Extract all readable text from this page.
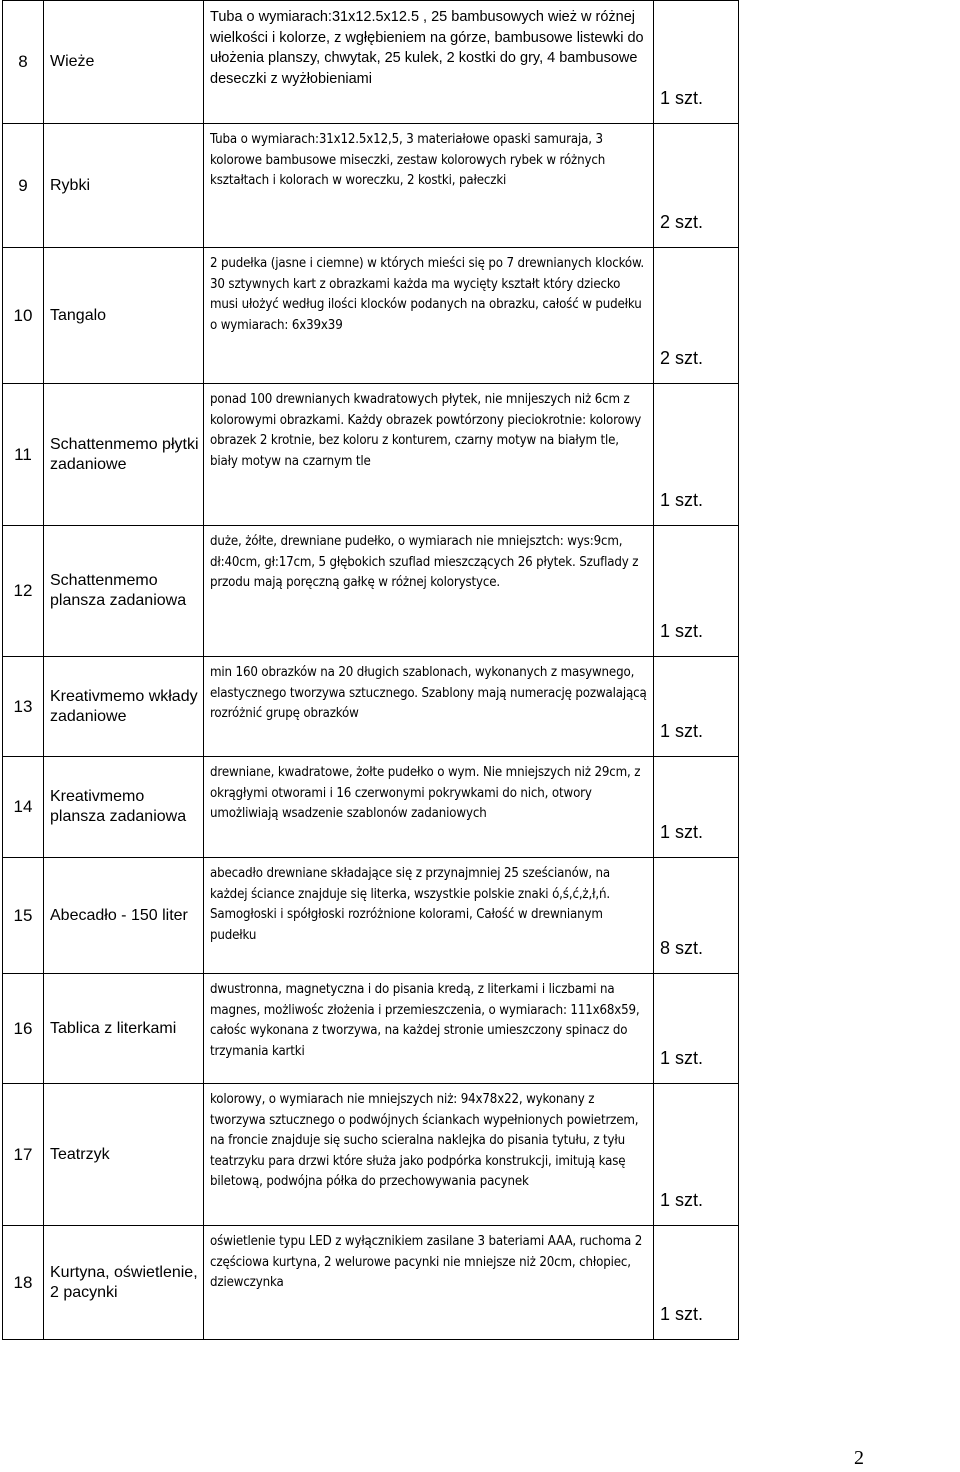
8	Wieże	Tuba o wymiarach:31x12.5x12.5 , 25 bambusowych wież w różnej wielkości i kolorze, z wgłębieniem na górze, bambusowe listewki do ułożenia planszy, chwytak, 25 kulek, 2 kostki do gry, 4 bambusowe deseczki z wyżłobieniami	1 szt.
9	Rybki	Tuba o wymiarach:31x12.5x12,5, 3 materiałowe opaski samuraja, 3 kolorowe bambusowe miseczki, zestaw kolorowych rybek w różnych kształtach i kolorach w woreczku, 2 kostki, pałeczki	2 szt.
10	Tangalo	2 pudełka (jasne i ciemne) w których mieści się po 7 drewnianych klocków. 30 sztywnych kart z obrazkami każda ma wycięty kształt który dziecko musi ułożyć według ilości klocków podanych na obrazku, całość w pudełku o wymiarach: 6x39x39	2 szt.
11	Schattenmemo płytki zadaniowe	ponad 100 drewnianych kwadratowych płytek, nie mnijeszych niż 6cm z kolorowymi obrazkami. Każdy obrazek powtórzony pieciokrotnie: kolorowy obrazek 2 krotnie, bez koloru z konturem, czarny motyw na białym tle, biały motyw na czarnym tle	1 szt.
12	Schattenmemo plansza zadaniowa	duże, żółte, drewniane pudełko, o wymiarach nie mniejsztch: wys:9cm, dł:40cm, gł:17cm, 5 głębokich szuflad mieszczących 26 płytek. Szuflady z przodu mają poręczną gałkę w różnej kolorystyce.	1 szt.
13	Kreativmemo wkłady zadaniowe	min 160 obrazków na 20 długich szablonach, wykonanych z masywnego, elastycznego tworzywa sztucznego. Szablony mają numerację pozwalającą rozróżnić grupę obrazków	1 szt.
14	Kreativmemo plansza zadaniowa	drewniane, kwadratowe, żołte pudełko o wym. Nie mniejszych niż 29cm, z okrągłymi otworami i 16 czerwonymi pokrywkami do nich, otwory umożliwiają wsadzenie szablonów zadaniowych	1 szt.
15	Abecadło - 150 liter	abecadło drewniane składające się z przynajmniej 25 sześcianów, na każdej ściance znajduje się literka, wszystkie polskie znaki ó,ś,ć,ż,ł,ń. Samogłoski i spółgłoski rozróżnione kolorami, Całość w drewnianym pudełku	8 szt.
16	Tablica z literkami	dwustronna, magnetyczna i do pisania kredą, z literkami i liczbami na magnes, możliwośc złożenia i przemieszczenia, o wymiarach: 111x68x59, całośc wykonana z tworzywa, na każdej stronie umieszczony spinacz do trzymania kartki	1 szt.
17	Teatrzyk	kolorowy, o wymiarach nie mniejszych niż: 94x78x22, wykonany z tworzywa sztucznego o podwójnych ściankach wypełnionych powietrzem, na froncie znajduje się sucho scieralna naklejka do pisania tytułu, z tyłu teatrzyku para drzwi które służa jako podpórka konstrukcji, imitują kasę biletową, podwójna półka do przechowywania pacynek	1 szt.
18	Kurtyna, oświetlenie, 2 pacynki	oświetlenie typu LED z wyłącznikiem zasilane 3 bateriami AAA, ruchoma 2 częściowa kurtyna, 2 welurowe pacynki nie mniejsze niż 20cm, chłopiec, dziewczynka	1 szt.
2
